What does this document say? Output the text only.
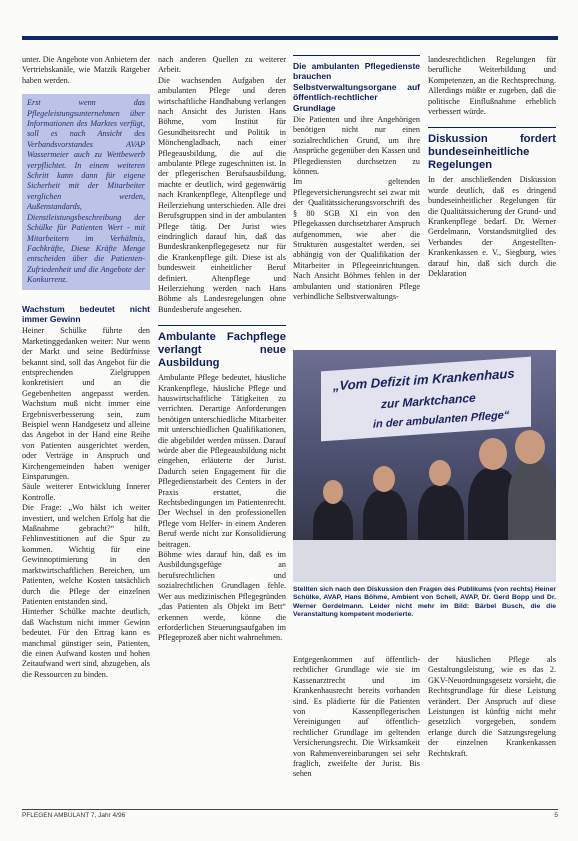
unter. Die Angebote von Anbietern der Vertriebskanäle, wie Matzik Ratgeber haben werden.

Erst wenn das Pflegeleistungsunternehmen über Informationen des Marktes verfügt, soll es nach Ansicht des Verbandsvorstandes AVAP Wassermeier auch zu Wettbewerb verpflichtet. In einem weiteren Schritt kann dann für eigene Sicherheit mit der Mitarbeiter verglichen werden, Außenstandards, Dienstleistungsbeschreibung der Schülke für Patienten Wert - mit Mitarbeitern im Verhältnis, Fachkräfte, Diese Kräfte Menge entscheiden über die Patienten-Zufriedenheit und die Angebote der Konkurrenz.

Wachstum bedeutet nicht immer Gewinn

Heiner Schülke führte den Marketinggedanken weiter: Nur wenn der Markt und seine Bedürfnisse bekannt sind, soll das Angebot für die entsprechenden Zielgruppen konkretisiert und an die Gegebenheiten angepasst werden. Wachstum muß nicht immer eine Ergebnisverbesserung sein, zum Beispiel wenn Handgesetz und alleine das Angebot in der Hand eine Reihe von Patienten ausgerichtet werden, oder Verträge in Anspruch und Kirchengemeinden haben weniger Einsparungen.

Säule weiterer Entwicklung Innerer Kontrolle.

Die Frage: „Wo hälst ich weiter investiert, und welchen Erfolg hat die Maßnahme gebracht?“ hilft, Fehlinvestitionen auf die Spur zu kommen. Wichtig für eine Gewinnoptimierung in den marktwirtschaftlichen Bereichen, um Patienten, welche Kosten tatsächlich durch die Pflege der einzelnen Patienten entstanden sind.

Hinterher Schülke machte deutlich, daß Wachstum nicht immer Gewinn bedeutet. Für den Ertrag kann es manchmal günstiger sein, Patienten, die einen Aufwand kosten und hohen Zeitaufwand wert sind, abzugeben, als die Ressourcen zu binden.

nach anderen Quellen zu weiterer Arbeit.

Die wachsenden Aufgaben der ambulanten Pflege und deren wirtschaftliche Handhabung verlangen nach Ansicht des Juristen Hans Böhme, vom Institut für Gesundheitsrecht und Politik in Mönchengladbach, nach einer Pflegeausbildung, die auf die ambulante Pflege zugeschnitten ist. In der pflegerischen Berufsausbildung, machte er deutlich, wird gegenwärtig nach Krankenpflege, Altenpflege und Heilerziehung unterschieden. Alle drei Berufsgruppen sind in der ambulanten Pflege tätig. Der Jurist wies eindringlich darauf hin, daß das Bundeskrankenpflegegesetz nur für die Krankenpflege gilt. Diese ist als bundesweit einheitlicher Beruf definiert. Altenpflege und Heilerziehung werden nach Hans Böhme als Landesregelungen ohne Bundesberufe angesehen.

Ambulante Fachpflege verlangt neue Ausbildung

Ambulante Pflege bedeutet, häusliche Krankenpflege, häusliche Pflege und hauswirtschaftliche Tätigkeiten zu verrichten. Derartige Anforderungen benötigen unterschiedliche Mitarbeiter mit unterschiedlichen Qualifikationen, die abgebildet werden müssen. Darauf würde aber die Pflegeausbildung nicht eingehen, erläuterte der Jurist. Dadurch seien Engagement für die Pflegedienstarbeit des Centers in der Praxis erstattet, die Rechtsbedingungen im Patientenrecht. Der Wechsel in den professionellen Pflege vom Helfer- in einem Anderen Beruf werde nicht zur Konsolidierung beitragen.

Böhme wies darauf hin, daß es im Ausbildungsgefüge an berufsrechtlichen und sozialrechtlichen Grundlagen fehle. Wer aus medizinischen Pflegegründen „das Patienten als Objekt im Bett“ erkennen werde, könne die erforderlichen Steuerungsaufgaben im Pflegeprozeß aber nicht wahrnehmen.

Die ambulanten Pflegedienste brauchen Selbstverwaltungsorgane auf öffentlich-rechtlicher Grundlage

Die Patienten und ihre Angehörigen benötigen nicht nur einen sozialrechtlichen Grund, um ihre Ansprüche gegenüber den Kassen und Pflegediensten durchsetzen zu können.

Im geltenden Pflegeversicherungsrecht sei zwar mit der Qualitätssicherungsvorschrift des § 80 SGB XI ein von den Pflegekassen durchsetzbarer Anspruch aufgenommen, wie aber die Strukturen ausgestaltet werden, sei abhängig von der Qualifikation der Mitarbeiter in Pflegeeinrichtungen. Nach Ansicht Böhmes fehlen in der ambulanten und stationären Pflege verbindliche Selbstverwaltungs-

landesrechtlichen Regelungen für berufliche Weiterbildung und Kompetenzen, an die Rechtsprechung. Allerdings müßte er zugeben, daß die politische Einflußnahme erheblich verbessert würde.

Diskussion fordert bundeseinheitliche Regelungen

In der anschließenden Diskussion wurde deutlich, daß es dringend bundeseinheitlicher Regelungen für die Qualitätssicherung der Grund- und Krankenpflege bedarf. Dr. Werner Gerdelmann, Vorstandsmitglied des Verbandes der Angestellten-Krankenkassen e. V., Siegburg, wies darauf hin, daß sich durch die Deklaration

„Vom Defizit im Krankenhaus
zur Marktchance
in der ambulanten Pflege“
Stellten sich nach den Diskussion den Fragen des Publikums (von rechts) Heiner Schülke, AVAP, Hans Böhme, Ambient von Schell, AVAP, Dr. Gerd Bopp und Dr. Werner Gerdelmann. Leider nicht mehr im Bild: Bärbel Busch, die die Veranstaltung kompetent moderierte.
Entgegenkommen auf öffentlich-rechtlicher Grundlage wie sie im Kassenarztrecht und im Krankenhausrecht bereits vorhanden sind. Es plädierte für die Patienten von Kassenpflegerischen Vereinigungen auf öffentlich-rechtlicher Grundlage im geltenden Versicherungsrecht. Die Wirksamkeit von Rahmenvereinbarungen sei sehr fraglich, zweifelte der Jurist. Bis sehen
der häuslichen Pflege als Gestaltungsleistung, wie es das 2. GKV-Neuordnungsgesetz vorsieht, die Rechtsgrundlage für diese Leistung verändert. Der Anspruch auf diese Leistungen ist künftig nicht mehr gesetzlich vorgegeben, sondern erlange durch die Satzungsregelung der einzelnen Krankenkassen Rechtskraft.
PFLEGEN AMBULANT 7, Jahr 4/96	5
